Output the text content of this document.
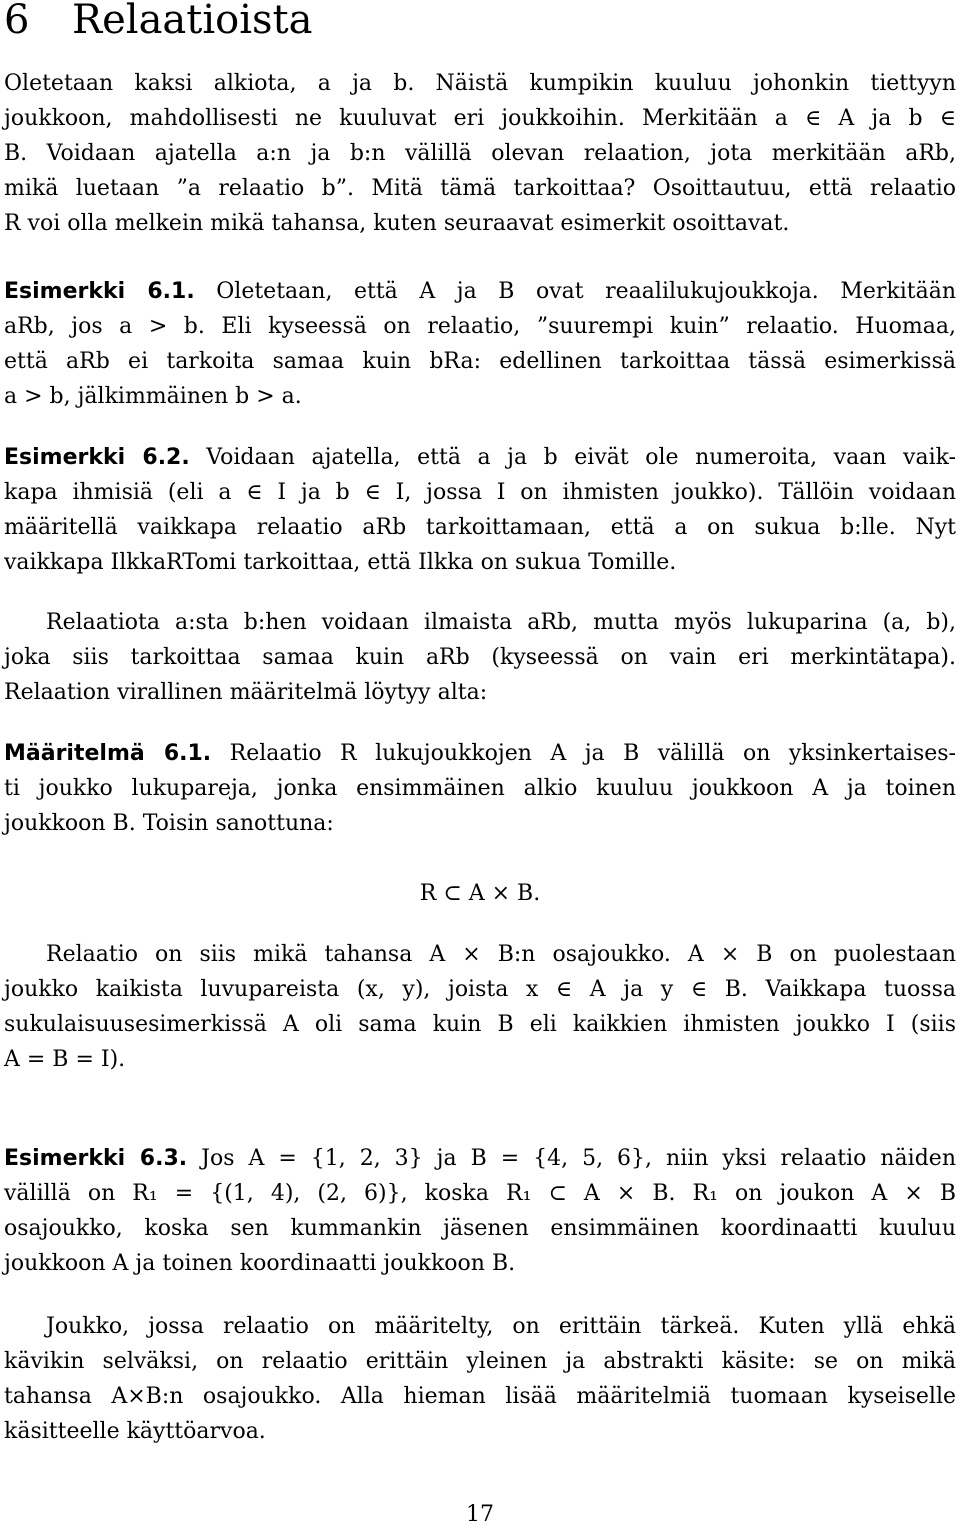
6 Relaatioista
Oletetaan kaksi alkiota, a ja b. Näistä kumpikin kuuluu johonkin tiettyyn
joukkoon, mahdollisesti ne kuuluvat eri joukkoihin. Merkitään a ∈ A ja b ∈
B. Voidaan ajatella a:n ja b:n välillä olevan relaation, jota merkitään aRb,
mikä luetaan ”a relaatio b”. Mitä tämä tarkoittaa? Osoittautuu, että relaatio
R voi olla melkein mikä tahansa, kuten seuraavat esimerkit osoittavat.
Esimerkki 6.1. Oletetaan, että A ja B ovat reaalilukujoukkoja. Merkitään
aRb, jos a > b. Eli kyseessä on relaatio, ”suurempi kuin” relaatio. Huomaa,
että aRb ei tarkoita samaa kuin bRa: edellinen tarkoittaa tässä esimerkissä
a > b, jälkimmäinen b > a.
Esimerkki 6.2. Voidaan ajatella, että a ja b eivät ole numeroita, vaan vaik-
kapa ihmisiä (eli a ∈ I ja b ∈ I, jossa I on ihmisten joukko). Tällöin voidaan
määritellä vaikkapa relaatio aRb tarkoittamaan, että a on sukua b:lle. Nyt
vaikkapa IlkkaRTomi tarkoittaa, että Ilkka on sukua Tomille.
Relaatiota a:sta b:hen voidaan ilmaista aRb, mutta myös lukuparina (a, b),
joka siis tarkoittaa samaa kuin aRb (kyseessä on vain eri merkintätapa).
Relaation virallinen määritelmä löytyy alta:
Määritelmä 6.1. Relaatio R lukujoukkojen A ja B välillä on yksinkertaises-
ti joukko lukupareja, jonka ensimmäinen alkio kuuluu joukkoon A ja toinen
joukkoon B. Toisin sanottuna:
R ⊂ A × B.
Relaatio on siis mikä tahansa A × B:n osajoukko. A × B on puolestaan
joukko kaikista luvupareista (x, y), joista x ∈ A ja y ∈ B. Vaikkapa tuossa
sukulaisuusesimerkissä A oli sama kuin B eli kaikkien ihmisten joukko I (siis
A = B = I).
Esimerkki 6.3. Jos A = {1, 2, 3} ja B = {4, 5, 6}, niin yksi relaatio näiden
välillä on R₁ = {(1, 4), (2, 6)}, koska R₁ ⊂ A × B. R₁ on joukon A × B
osajoukko, koska sen kummankin jäsenen ensimmäinen koordinaatti kuuluu
joukkoon A ja toinen koordinaatti joukkoon B.
Joukko, jossa relaatio on määritelty, on erittäin tärkeä. Kuten yllä ehkä
kävikin selväksi, on relaatio erittäin yleinen ja abstrakti käsite: se on mikä
tahansa A×B:n osajoukko. Alla hieman lisää määritelmiä tuomaan kyseiselle
käsitteelle käyttöarvoa.
17
